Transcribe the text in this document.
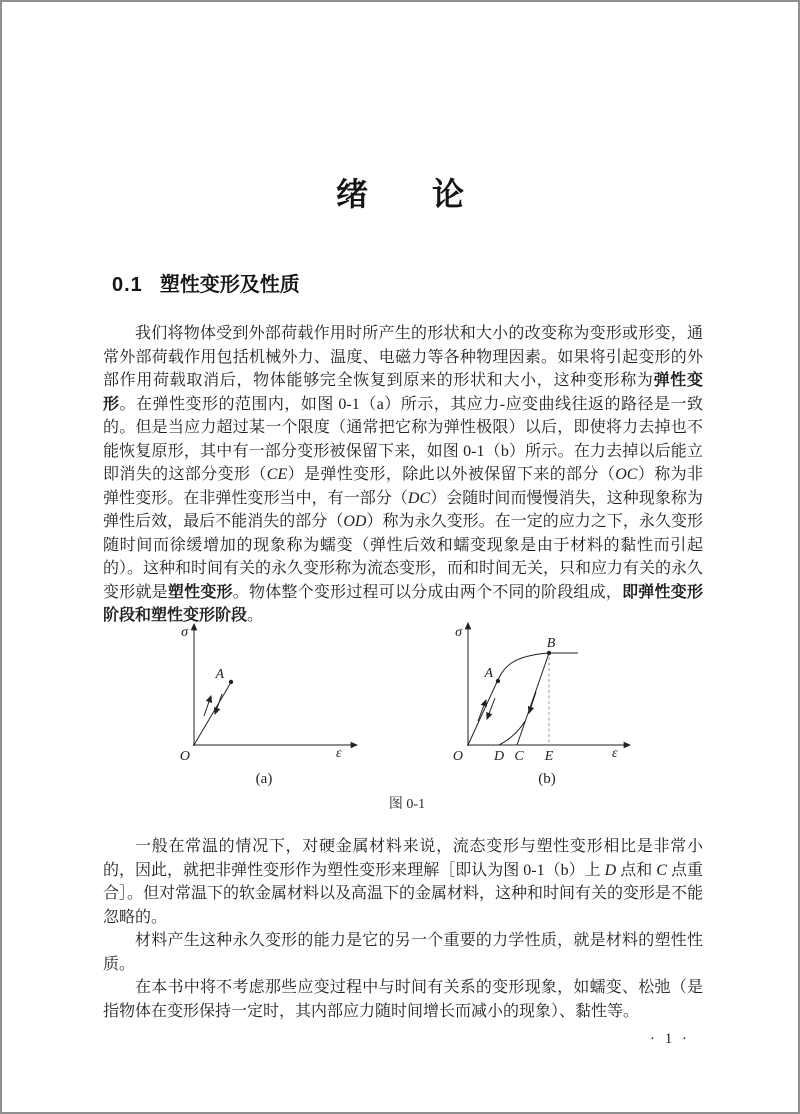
绪　　论
0.1 塑性变形及性质

我们将物体受到外部荷载作用时所产生的形状和大小的改变称为变形或形变，通常外部荷载作用包括机械外力、温度、电磁力等各种物理因素。如果将引起变形的外部作用荷载取消后，物体能够完全恢复到原来的形状和大小，这种变形称为弹性变形。在弹性变形的范围内，如图 0-1（a）所示，其应力-应变曲线往返的路径是一致的。但是当应力超过某一个限度（通常把它称为弹性极限）以后，即使将力去掉也不能恢复原形，其中有一部分变形被保留下来，如图 0-1（b）所示。在力去掉以后能立即消失的这部分变形（CE）是弹性变形，除此以外被保留下来的部分（OC）称为非弹性变形。在非弹性变形当中，有一部分（DC）会随时间而慢慢消失，这种现象称为弹性后效，最后不能消失的部分（OD）称为永久变形。在一定的应力之下，永久变形随时间而徐缓增加的现象称为蠕变（弹性后效和蠕变现象是由于材料的黏性而引起的）。这种和时间有关的永久变形称为流态变形，而和时间无关，只和应力有关的永久变形就是塑性变形。物体整个变形过程可以分成由两个不同的阶段组成，即弹性变形阶段和塑性变形阶段。

σ
ε
O
A
(a)
σ
ε
O
A
B
D C E
(b)
图 0-1

一般在常温的情况下，对硬金属材料来说，流态变形与塑性变形相比是非常小的，因此，就把非弹性变形作为塑性变形来理解［即认为图 0-1（b）上 D 点和 C 点重合］。但对常温下的软金属材料以及高温下的金属材料，这种和时间有关的变形是不能忽略的。

材料产生这种永久变形的能力是它的另一个重要的力学性质，就是材料的塑性性质。

在本书中将不考虑那些应变过程中与时间有关系的变形现象，如蠕变、松弛（是指物体在变形保持一定时，其内部应力随时间增长而减小的现象）、黏性等。

· 1 ·
